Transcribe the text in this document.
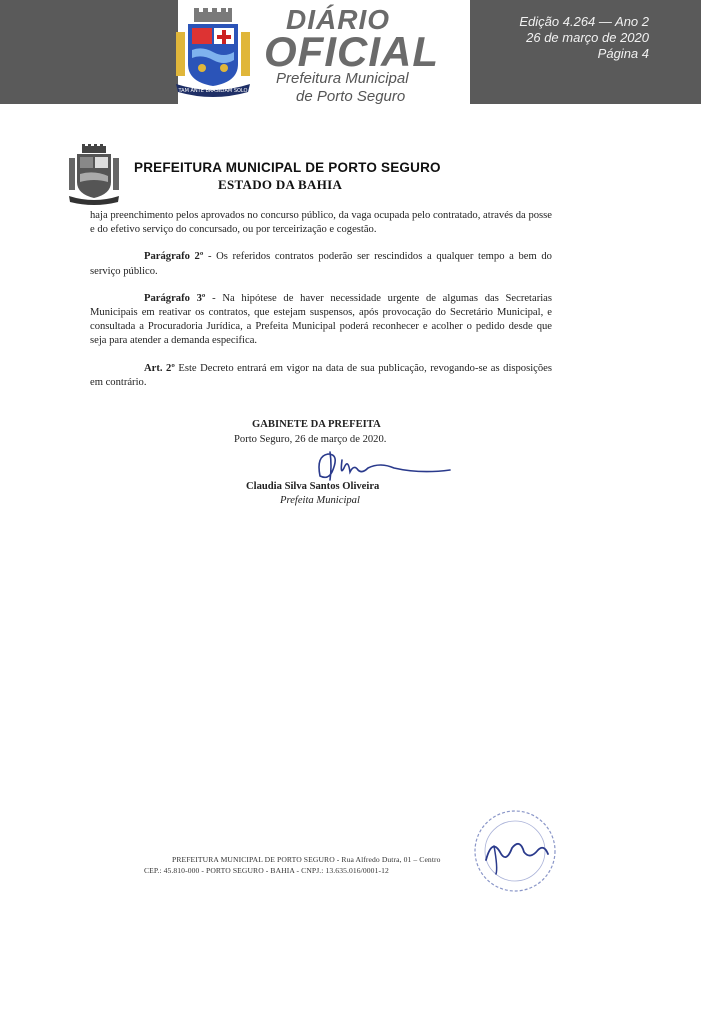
TAM ANTE BRASILIAM SOLO
DIÁRIO
OFICIAL
Prefeitura Municipal
de Porto Seguro
Edição 4.264 — Ano 2
26 de março de 2020
Página 4
PREFEITURA MUNICIPAL DE PORTO SEGURO
ESTADO DA BAHIA

haja preenchimento pelos aprovados no concurso público, da vaga ocupada pelo contratado, através da posse e do efetivo serviço do concursado, ou por terceirização e cogestão.

Parágrafo 2º - Os referidos contratos poderão ser rescindidos a qualquer tempo a bem do serviço público.

Parágrafo 3º - Na hipótese de haver necessidade urgente de algumas das Secretarias Municipais em reativar os contratos, que estejam suspensos, após provocação do Secretário Municipal, e consultada a Procuradoria Jurídica, a Prefeita Municipal poderá reconhecer e acolher o pedido desde que seja para atender a demanda especifica.

Art. 2º Este Decreto entrará em vigor na data de sua publicação, revogando-se as disposições em contrário.

GABINETE DA PREFEITA
Porto Seguro, 26 de março de 2020.
Claudia Silva Santos Oliveira
Prefeita Municipal
PREFEITURA MUNICIPAL DE PORTO SEGURO - Rua Alfredo Dutra, 01 – Centro
CEP.: 45.810-000 - PORTO SEGURO - BAHIA - CNPJ.: 13.635.016/0001-12
